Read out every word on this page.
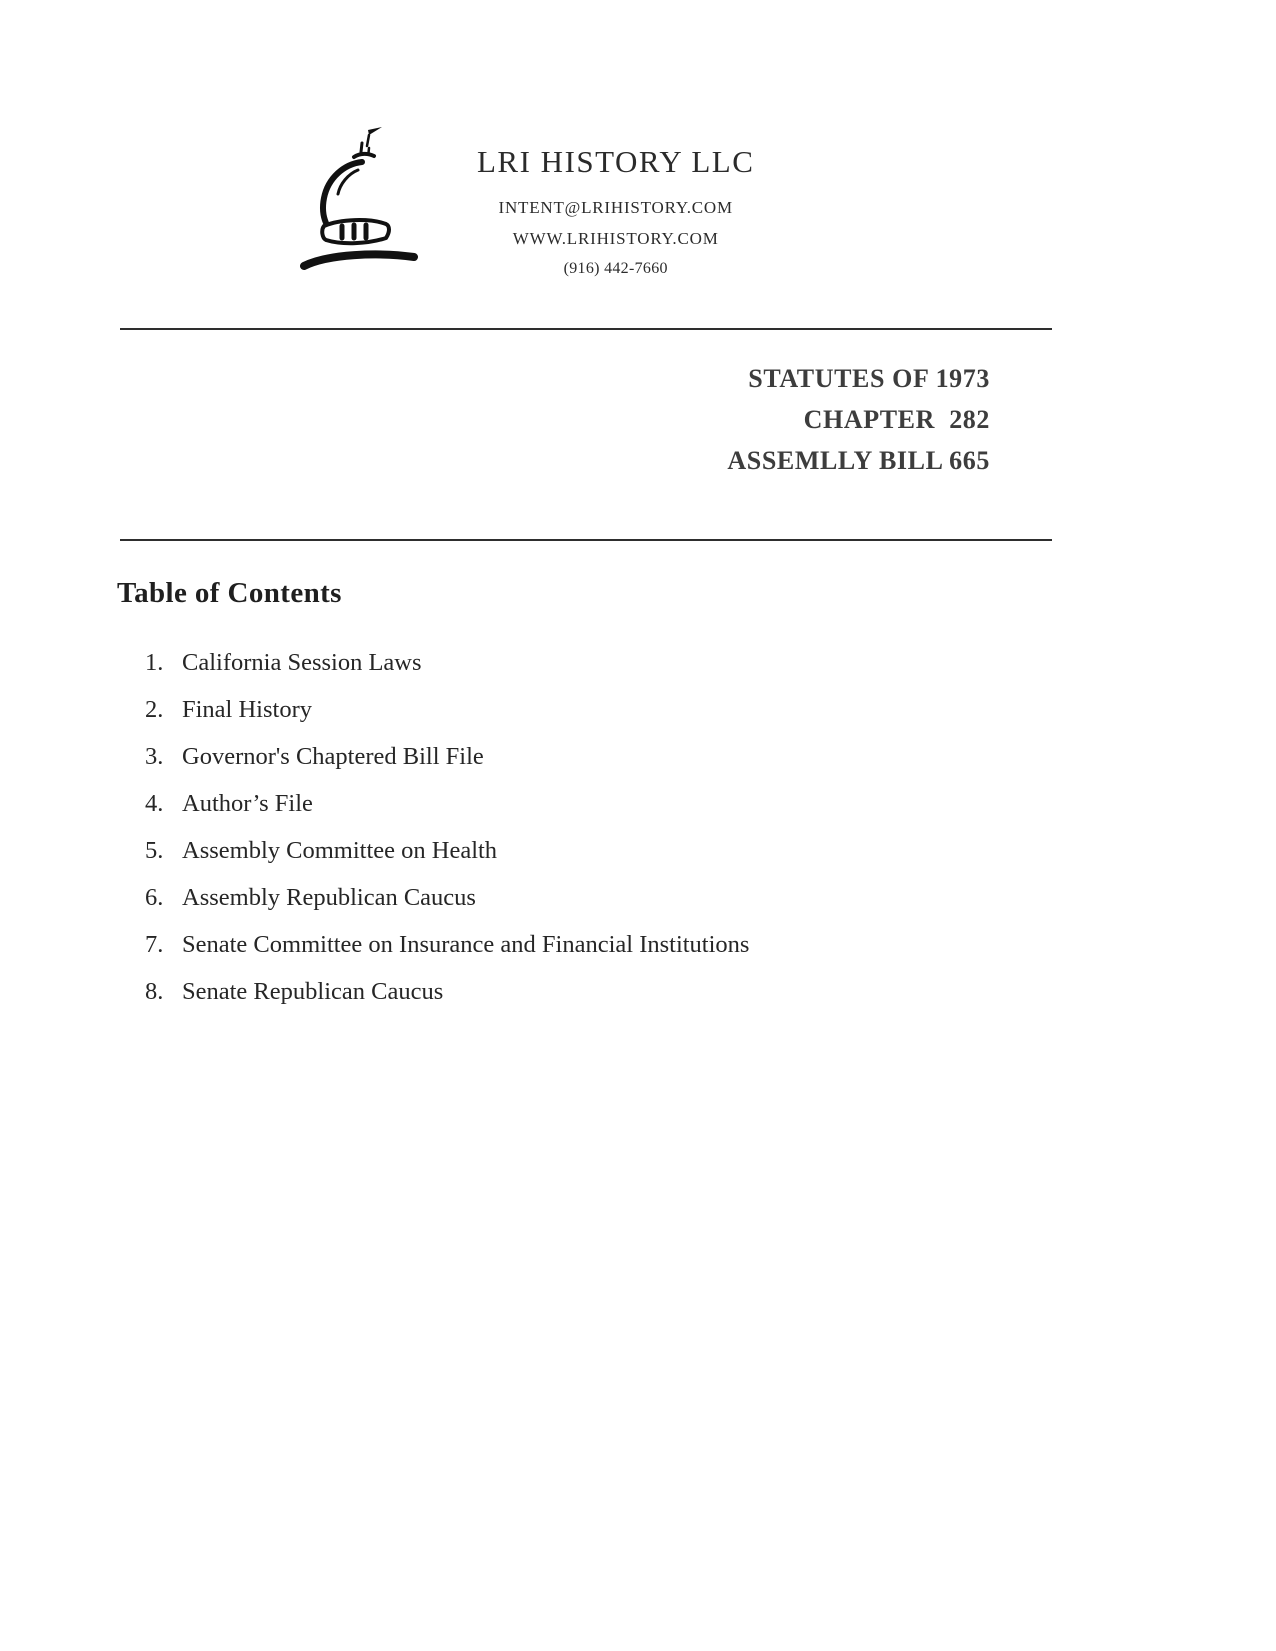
LRI HISTORY LLC
INTENT@LRIHISTORY.COM
WWW.LRIHISTORY.COM
(916) 442-7660
STATUTES OF 1973
CHAPTER  282
ASSEMLLY BILL 665
Table of Contents
1. California Session Laws
2. Final History
3. Governor's Chaptered Bill File
4. Author’s File
5. Assembly Committee on Health
6. Assembly Republican Caucus
7. Senate Committee on Insurance and Financial Institutions
8. Senate Republican Caucus
